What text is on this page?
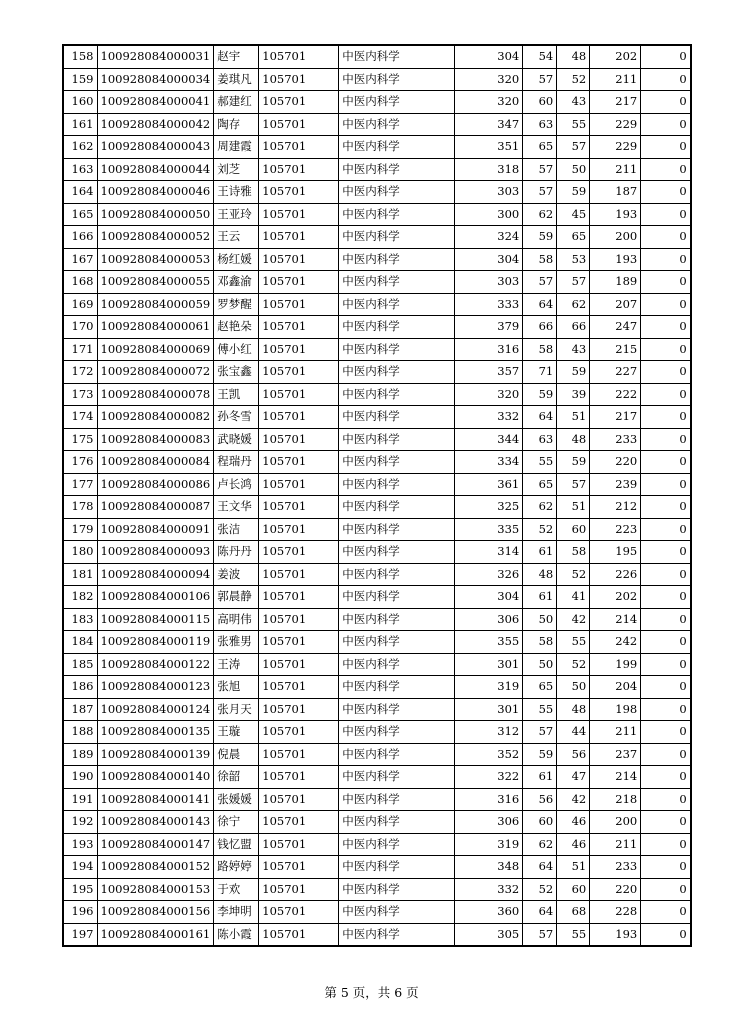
158	100928084000031	赵宇	105701	中医内科学	304	54	48	202	0
159	100928084000034	姜琪凡	105701	中医内科学	320	57	52	211	0
160	100928084000041	郝建红	105701	中医内科学	320	60	43	217	0
161	100928084000042	陶存	105701	中医内科学	347	63	55	229	0
162	100928084000043	周建霞	105701	中医内科学	351	65	57	229	0
163	100928084000044	刘芝	105701	中医内科学	318	57	50	211	0
164	100928084000046	王诗雅	105701	中医内科学	303	57	59	187	0
165	100928084000050	王亚玲	105701	中医内科学	300	62	45	193	0
166	100928084000052	王云	105701	中医内科学	324	59	65	200	0
167	100928084000053	杨红媛	105701	中医内科学	304	58	53	193	0
168	100928084000055	邓鑫渝	105701	中医内科学	303	57	57	189	0
169	100928084000059	罗梦醒	105701	中医内科学	333	64	62	207	0
170	100928084000061	赵艳朵	105701	中医内科学	379	66	66	247	0
171	100928084000069	傅小红	105701	中医内科学	316	58	43	215	0
172	100928084000072	张宝鑫	105701	中医内科学	357	71	59	227	0
173	100928084000078	王凯	105701	中医内科学	320	59	39	222	0
174	100928084000082	孙冬雪	105701	中医内科学	332	64	51	217	0
175	100928084000083	武晓媛	105701	中医内科学	344	63	48	233	0
176	100928084000084	程瑞丹	105701	中医内科学	334	55	59	220	0
177	100928084000086	卢长鸿	105701	中医内科学	361	65	57	239	0
178	100928084000087	王文华	105701	中医内科学	325	62	51	212	0
179	100928084000091	张洁	105701	中医内科学	335	52	60	223	0
180	100928084000093	陈丹丹	105701	中医内科学	314	61	58	195	0
181	100928084000094	姜波	105701	中医内科学	326	48	52	226	0
182	100928084000106	郭晨静	105701	中医内科学	304	61	41	202	0
183	100928084000115	高明伟	105701	中医内科学	306	50	42	214	0
184	100928084000119	张雅男	105701	中医内科学	355	58	55	242	0
185	100928084000122	王涛	105701	中医内科学	301	50	52	199	0
186	100928084000123	张旭	105701	中医内科学	319	65	50	204	0
187	100928084000124	张月天	105701	中医内科学	301	55	48	198	0
188	100928084000135	王璇	105701	中医内科学	312	57	44	211	0
189	100928084000139	倪晨	105701	中医内科学	352	59	56	237	0
190	100928084000140	徐韶	105701	中医内科学	322	61	47	214	0
191	100928084000141	张媛媛	105701	中医内科学	316	56	42	218	0
192	100928084000143	徐宁	105701	中医内科学	306	60	46	200	0
193	100928084000147	钱忆盟	105701	中医内科学	319	62	46	211	0
194	100928084000152	路婷婷	105701	中医内科学	348	64	51	233	0
195	100928084000153	于欢	105701	中医内科学	332	52	60	220	0
196	100928084000156	李坤明	105701	中医内科学	360	64	68	228	0
197	100928084000161	陈小霞	105701	中医内科学	305	57	55	193	0
第 5 页，共 6 页
